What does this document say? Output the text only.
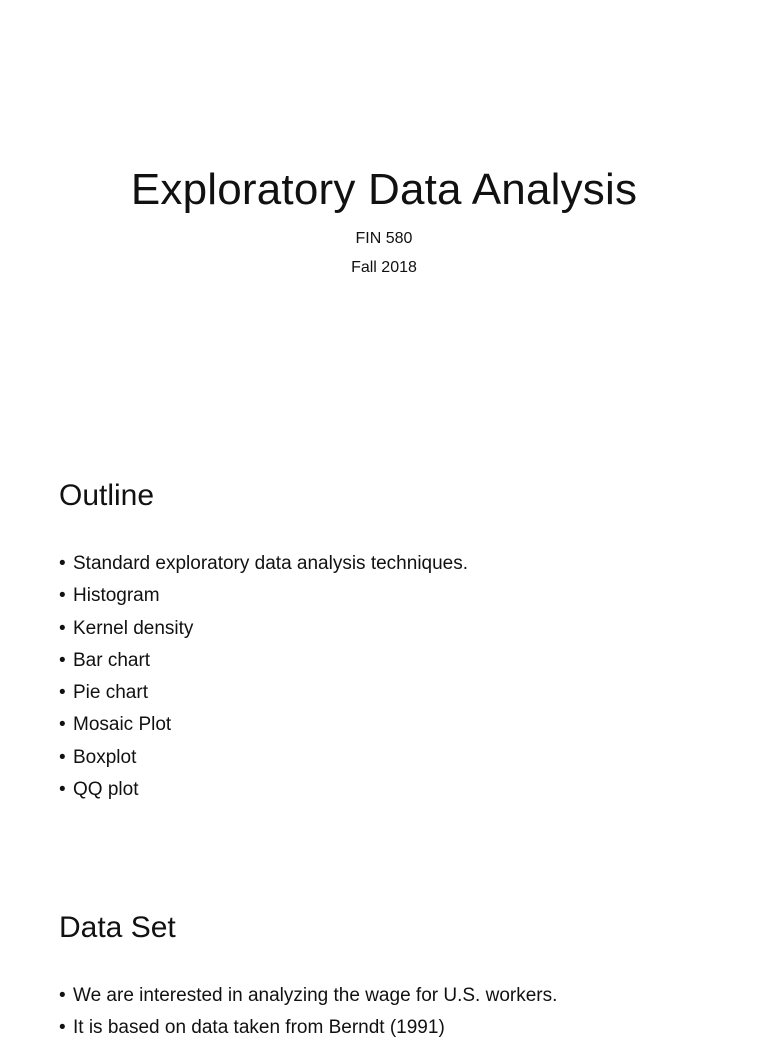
Exploratory Data Analysis

FIN 580

Fall 2018

Outline
• Standard exploratory data analysis techniques.
• Histogram
• Kernel density
• Bar chart
• Pie chart
• Mosaic Plot
• Boxplot
• QQ plot
Data Set
• We are interested in analyzing the wage for U.S. workers.
• It is based on data taken from Berndt (1991)
